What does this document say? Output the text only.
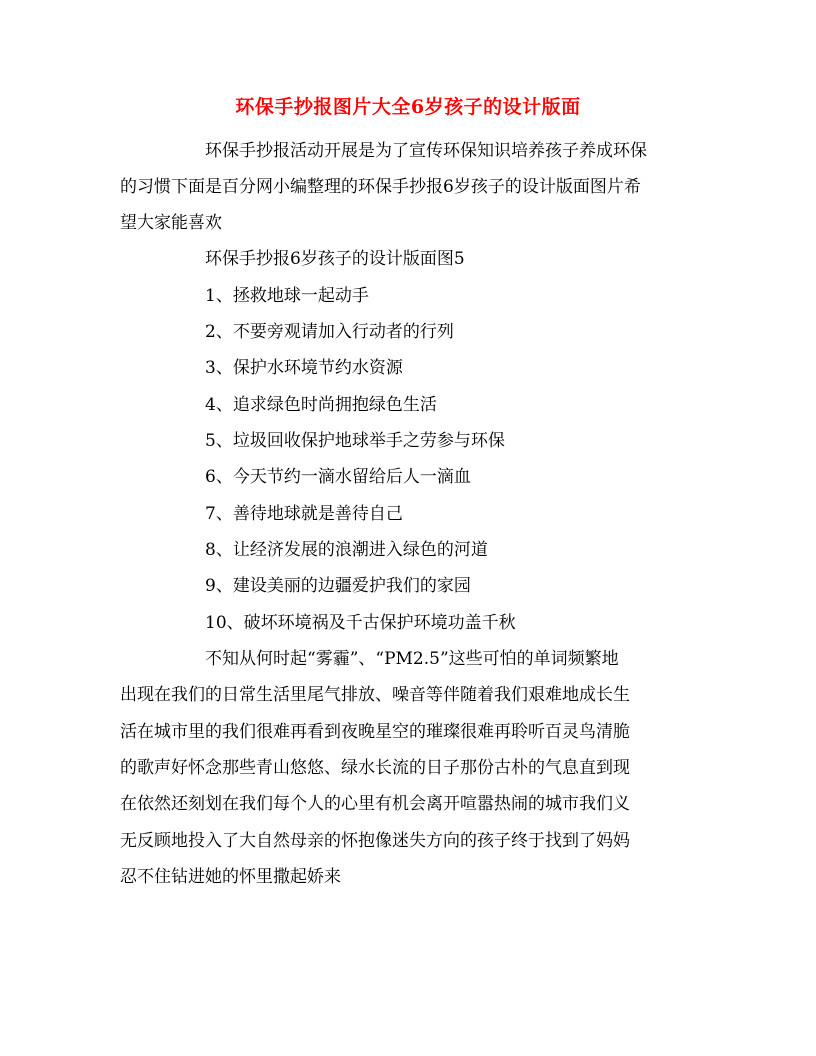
环保手抄报图片大全6岁孩子的设计版面
环保手抄报活动开展是为了宣传环保知识培养孩子养成环保
的习惯下面是百分网小编整理的环保手抄报6岁孩子的设计版面图片希
望大家能喜欢
环保手抄报6岁孩子的设计版面图5
1、拯救地球一起动手
2、不要旁观请加入行动者的行列
3、保护水环境节约水资源
4、追求绿色时尚拥抱绿色生活
5、垃圾回收保护地球举手之劳参与环保
6、今天节约一滴水留给后人一滴血
7、善待地球就是善待自己
8、让经济发展的浪潮进入绿色的河道
9、建设美丽的边疆爱护我们的家园
10、破坏环境祸及千古保护环境功盖千秋
不知从何时起“雾霾”、“PM2.5”这些可怕的单词频繁地
出现在我们的日常生活里尾气排放、噪音等伴随着我们艰难地成长生
活在城市里的我们很难再看到夜晚星空的璀璨很难再聆听百灵鸟清脆
的歌声好怀念那些青山悠悠、绿水长流的日子那份古朴的气息直到现
在依然还刻划在我们每个人的心里有机会离开喧嚣热闹的城市我们义
无反顾地投入了大自然母亲的怀抱像迷失方向的孩子终于找到了妈妈
忍不住钻进她的怀里撒起娇来
